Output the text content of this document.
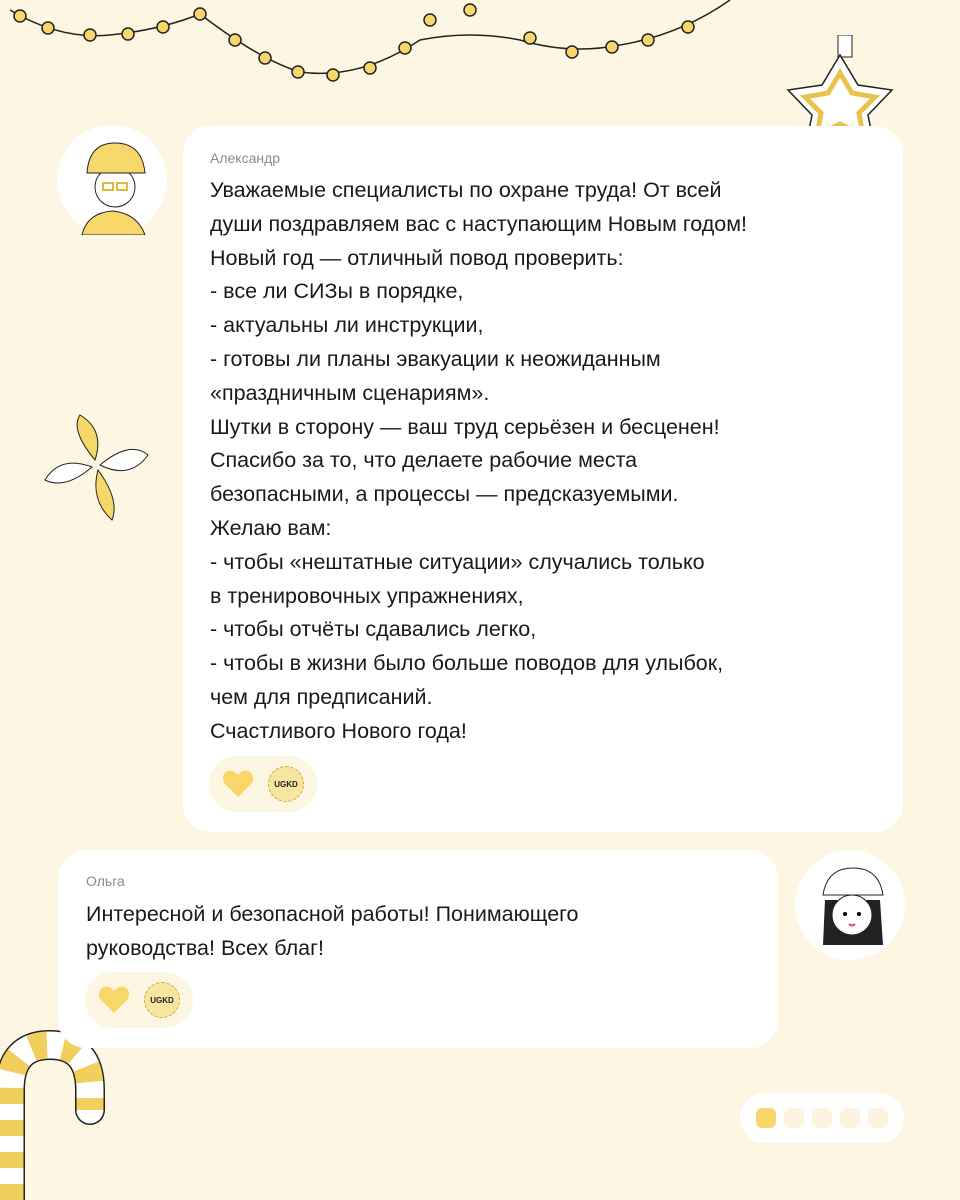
Александр
Уважаемые специалисты по охране труда! От всей
души поздравляем вас с наступающим Новым годом!
Новый год — отличный повод проверить:
- все ли СИЗы в порядке,
- актуальны ли инструкции,
- готовы ли планы эвакуации к неожиданным
«праздничным сценариям».
Шутки в сторону — ваш труд серьёзен и бесценен!
Спасибо за то, что делаете рабочие места
безопасными, а процессы — предсказуемыми.
Желаю вам:
- чтобы «нештатные ситуации» случались только
в тренировочных упражнениях,
- чтобы отчёты сдавались легко,
- чтобы в жизни было больше поводов для улыбок,
чем для предписаний.
Счастливого Нового года!
UGKD
Ольга
Интересной и безопасной работы! Понимающего
руководства! Всех благ!
UGKD
